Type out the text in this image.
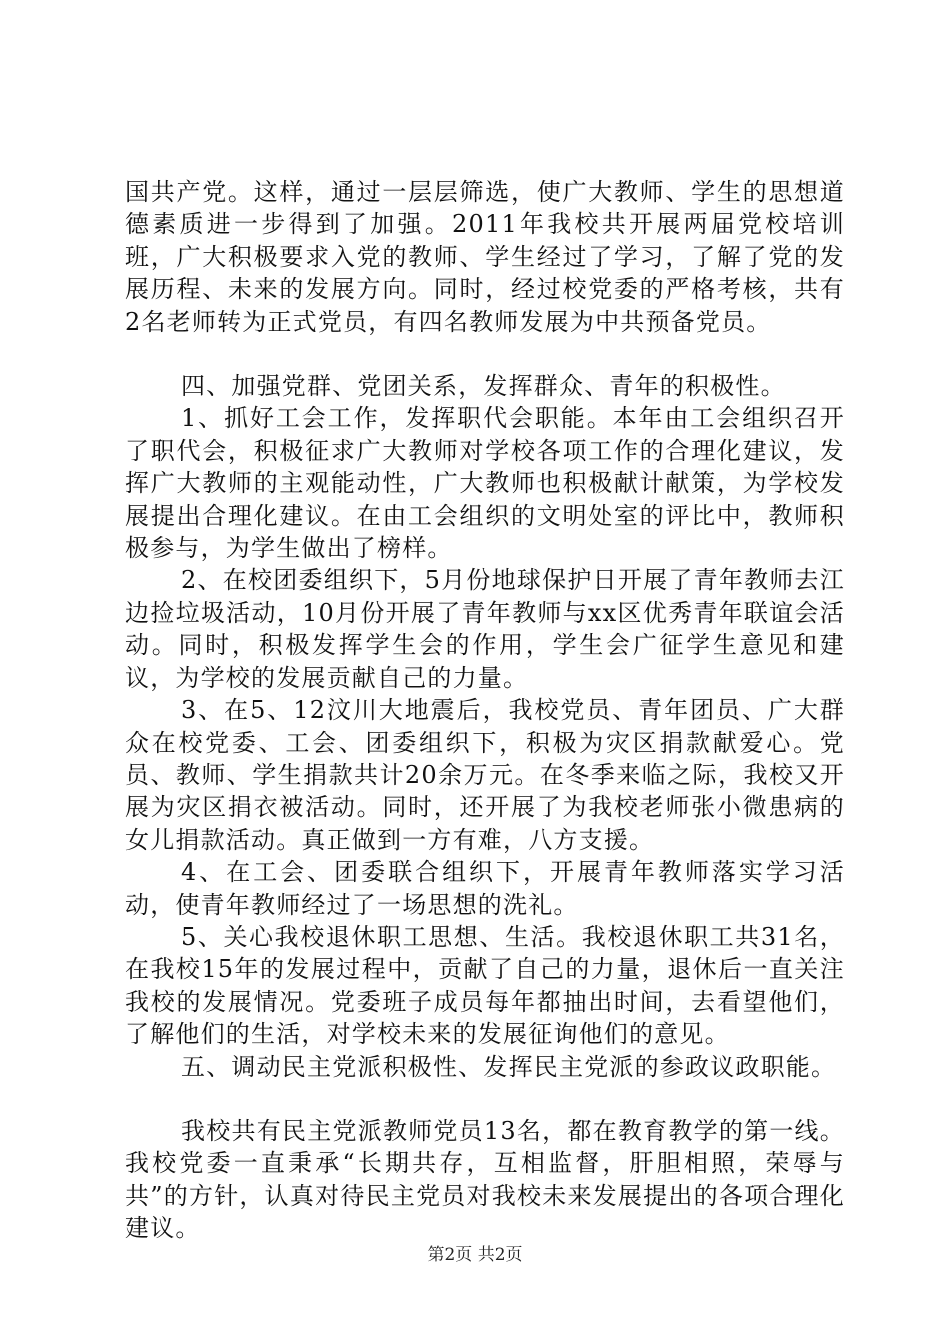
国共产党。这样，通过一层层筛选，使广大教师、学生的思想道德素质进一步得到了加强。2011年我校共开展两届党校培训班，广大积极要求入党的教师、学生经过了学习，了解了党的发展历程、未来的发展方向。同时，经过校党委的严格考核，共有2名老师转为正式党员，有四名教师发展为中共预备党员。

四、加强党群、党团关系，发挥群众、青年的积极性。

1、抓好工会工作，发挥职代会职能。本年由工会组织召开了职代会，积极征求广大教师对学校各项工作的合理化建议，发挥广大教师的主观能动性，广大教师也积极献计献策，为学校发展提出合理化建议。在由工会组织的文明处室的评比中，教师积极参与，为学生做出了榜样。

2、在校团委组织下，5月份地球保护日开展了青年教师去江边捡垃圾活动，10月份开展了青年教师与xx区优秀青年联谊会活动。同时，积极发挥学生会的作用，学生会广征学生意见和建议，为学校的发展贡献自己的力量。

3、在5、12汶川大地震后，我校党员、青年团员、广大群众在校党委、工会、团委组织下，积极为灾区捐款献爱心。党员、教师、学生捐款共计20余万元。在冬季来临之际，我校又开展为灾区捐衣被活动。同时，还开展了为我校老师张小微患病的女儿捐款活动。真正做到一方有难，八方支援。

4、在工会、团委联合组织下，开展青年教师落实学习活动，使青年教师经过了一场思想的洗礼。

5、关心我校退休职工思想、生活。我校退休职工共31名，在我校15年的发展过程中，贡献了自己的力量，退休后一直关注我校的发展情况。党委班子成员每年都抽出时间，去看望他们，了解他们的生活，对学校未来的发展征询他们的意见。

五、调动民主党派积极性、发挥民主党派的参政议政职能。

我校共有民主党派教师党员13名，都在教育教学的第一线。我校党委一直秉承“长期共存，互相监督，肝胆相照，荣辱与共”的方针，认真对待民主党员对我校未来发展提出的各项合理化建议。

第2页 共2页
